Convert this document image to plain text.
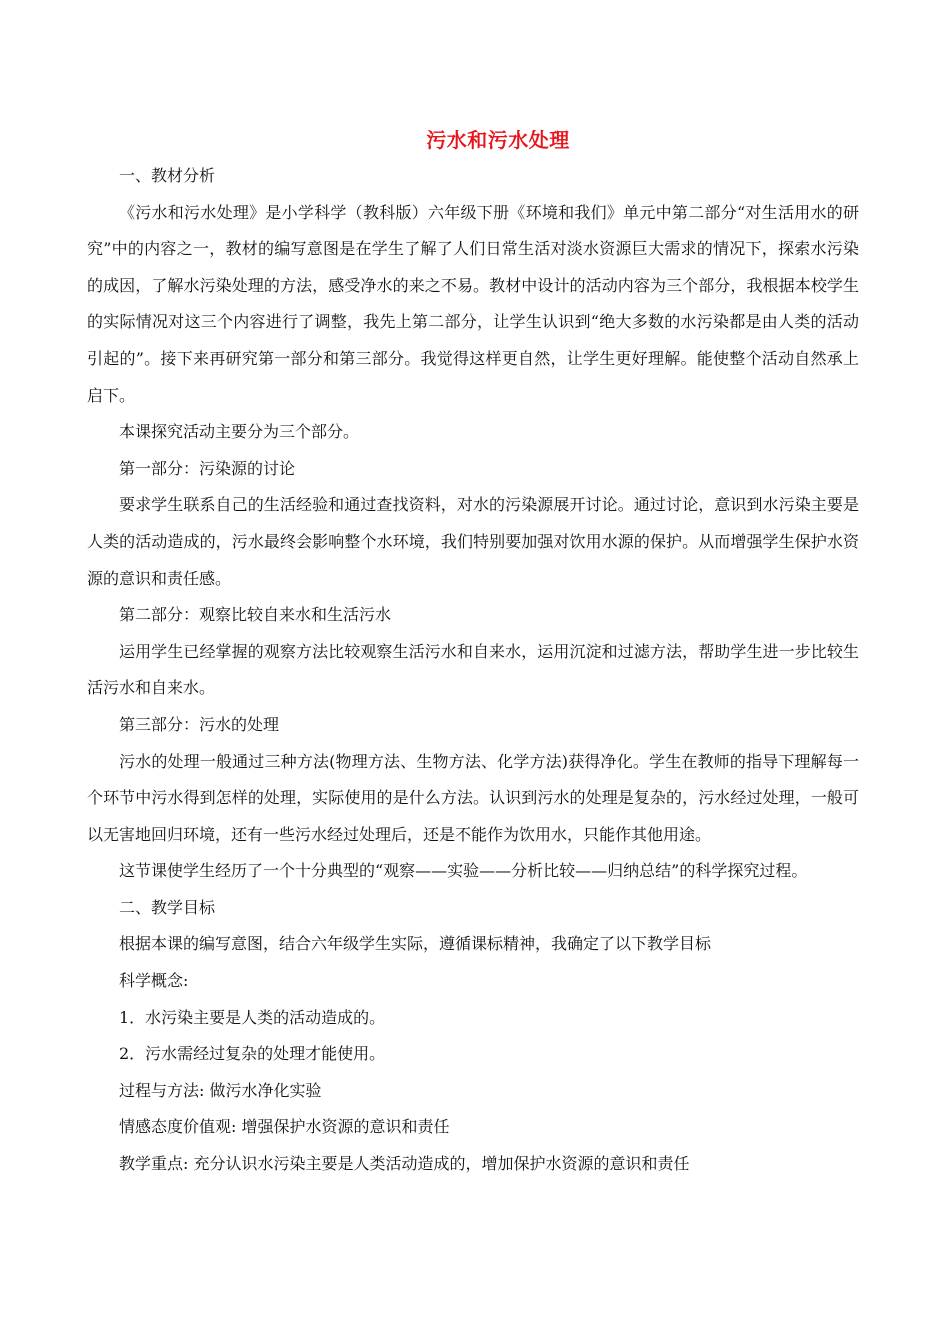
污水和污水处理

一、教材分析

《污水和污水处理》是小学科学（教科版）六年级下册《环境和我们》单元中第二部分“对生活用水的研究”中的内容之一，教材的编写意图是在学生了解了人们日常生活对淡水资源巨大需求的情况下，探索水污染的成因，了解水污染处理的方法，感受净水的来之不易。教材中设计的活动内容为三个部分，我根据本校学生的实际情况对这三个内容进行了调整，我先上第二部分，让学生认识到“绝大多数的水污染都是由人类的活动引起的”。接下来再研究第一部分和第三部分。我觉得这样更自然，让学生更好理解。能使整个活动自然承上启下。

本课探究活动主要分为三个部分。

第一部分：污染源的讨论

要求学生联系自己的生活经验和通过查找资料，对水的污染源展开讨论。通过讨论，意识到水污染主要是人类的活动造成的，污水最终会影响整个水环境，我们特别要加强对饮用水源的保护。从而增强学生保护水资源的意识和责任感。

第二部分：观察比较自来水和生活污水

运用学生已经掌握的观察方法比较观察生活污水和自来水，运用沉淀和过滤方法，帮助学生进一步比较生活污水和自来水。

第三部分：污水的处理

污水的处理一般通过三种方法(物理方法、生物方法、化学方法)获得净化。学生在教师的指导下理解每一个环节中污水得到怎样的处理，实际使用的是什么方法。认识到污水的处理是复杂的，污水经过处理，一般可以无害地回归环境，还有一些污水经过处理后，还是不能作为饮用水，只能作其他用途。

这节课使学生经历了一个十分典型的“观察——实验——分析比较——归纳总结”的科学探究过程。

二、教学目标

根据本课的编写意图，结合六年级学生实际，遵循课标精神，我确定了以下教学目标

科学概念:

1．水污染主要是人类的活动造成的。

2．污水需经过复杂的处理才能使用。

过程与方法: 做污水净化实验

情感态度价值观: 增强保护水资源的意识和责任

教学重点: 充分认识水污染主要是人类活动造成的，增加保护水资源的意识和责任
